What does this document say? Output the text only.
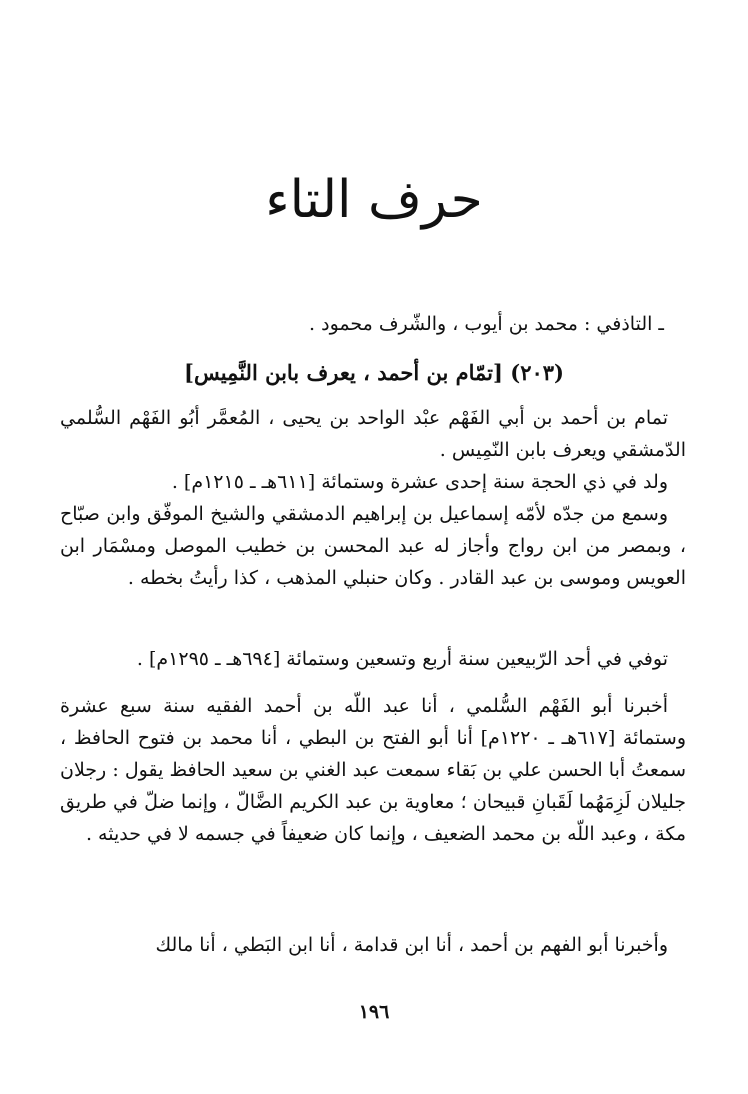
حرف التاء

ـ التاذفي : محمد بن أيوب ، والشّرف محمود .

(٢٠٣) [تمّام بن أحمد ، يعرف بابن النَّمِيس]

تمام بن أحمد بن أبي الفَهْم عبْد الواحد بن يحيى ، المُعمَّر أبُو الفَهْم السُّلمي الدّمشقي ويعرف بابن النّمِيس .

ولد في ذي الحجة سنة إحدى عشرة وستمائة [٦١١هـ ـ ١٢١٥م] .

وسمع من جدّه لأمّه إسماعيل بن إبراهيم الدمشقي والشيخ الموفّق وابن صبّاح ، وبمصر من ابن رواج وأجاز له عبد المحسن بن خطيب الموصل ومسْمَار ابن العويس وموسى بن عبد القادر . وكان حنبلي المذهب ، كذا رأيتُ بخطه .

توفي في أحد الرّبيعين سنة أربع وتسعين وستمائة [٦٩٤هـ ـ ١٢٩٥م] .

أخبرنا أبو الفَهْم السُّلمي ، أنا عبد اللّه بن أحمد الفقيه سنة سبع عشرة وستمائة [٦١٧هـ ـ ١٢٢٠م] أنا أبو الفتح بن البطي ، أنا محمد بن فتوح الحافظ ، سمعتُ أبا الحسن علي بن بَقاء سمعت عبد الغني بن سعيد الحافظ يقول : رجلان جليلان لَزِمَهُما لَقَبانِ قبيحان ؛ معاوية بن عبد الكريم الضَّالّ ، وإنما ضلّ في طريق مكة ، وعبد اللّه بن محمد الضعيف ، وإنما كان ضعيفاً في جسمه لا في حديثه .

وأخبرنا أبو الفهم بن أحمد ، أنا ابن قدامة ، أنا ابن البَطي ، أنا مالك

١٩٦
